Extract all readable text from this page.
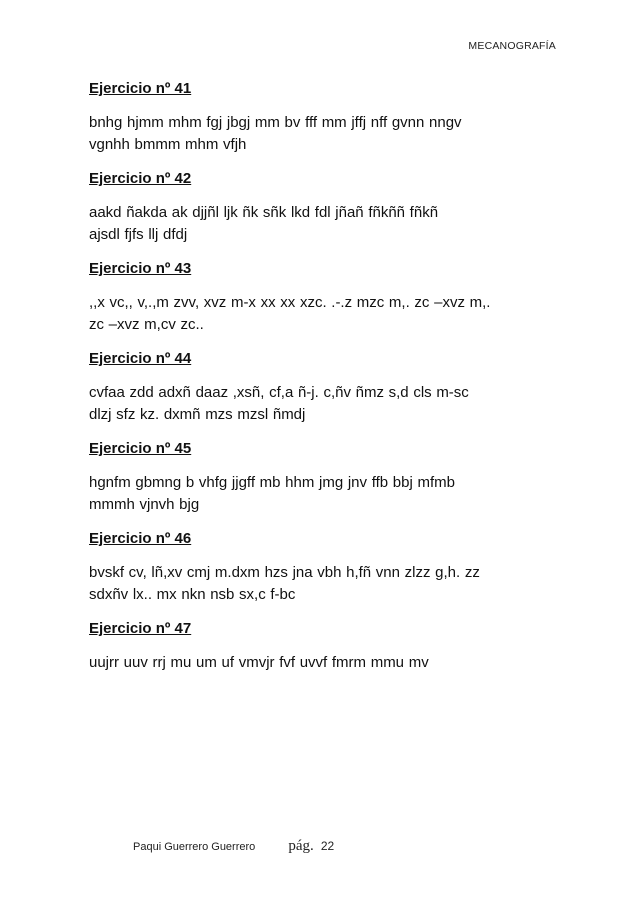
MECANOGRAFÍA
Ejercicio nº 41
bnhg hjmm mhm fgj jbgj mm bv fff mm jffj nff gvnn nngv
vgnhh bmmm mhm vfjh
Ejercicio nº 42
aakd ñakda ak djjñl ljk ñk sñk lkd fdl jñañ fñkññ fñkñ
ajsdl fjfs llj dfdj
Ejercicio nº 43
,,x vc,, v,.,m zvv, xvz m-x xx xx xzc. .-.z mzc m,. zc –xvz m,.
zc –xvz m,cv zc..
Ejercicio nº 44
cvfaa zdd adxñ daaz ,xsñ, cf,a ñ-j. c,ñv ñmz s,d cls m-sc
dlzj sfz kz. dxmñ mzs mzsl ñmdj
Ejercicio nº 45
hgnfm gbmng b vhfg jjgff mb hhm jmg jnv ffb bbj mfmb
mmmh vjnvh bjg
Ejercicio nº 46
bvskf cv, lñ,xv cmj m.dxm hzs jna vbh h,fñ vnn zlzz g,h. zz
sdxñv lx.. mx nkn nsb sx,c f-bc
Ejercicio nº 47
uujrr uuv rrj mu um uf vmvjr fvf uvvf fmrm mmu mv
Paqui Guerrero Guerrero pág. 22
